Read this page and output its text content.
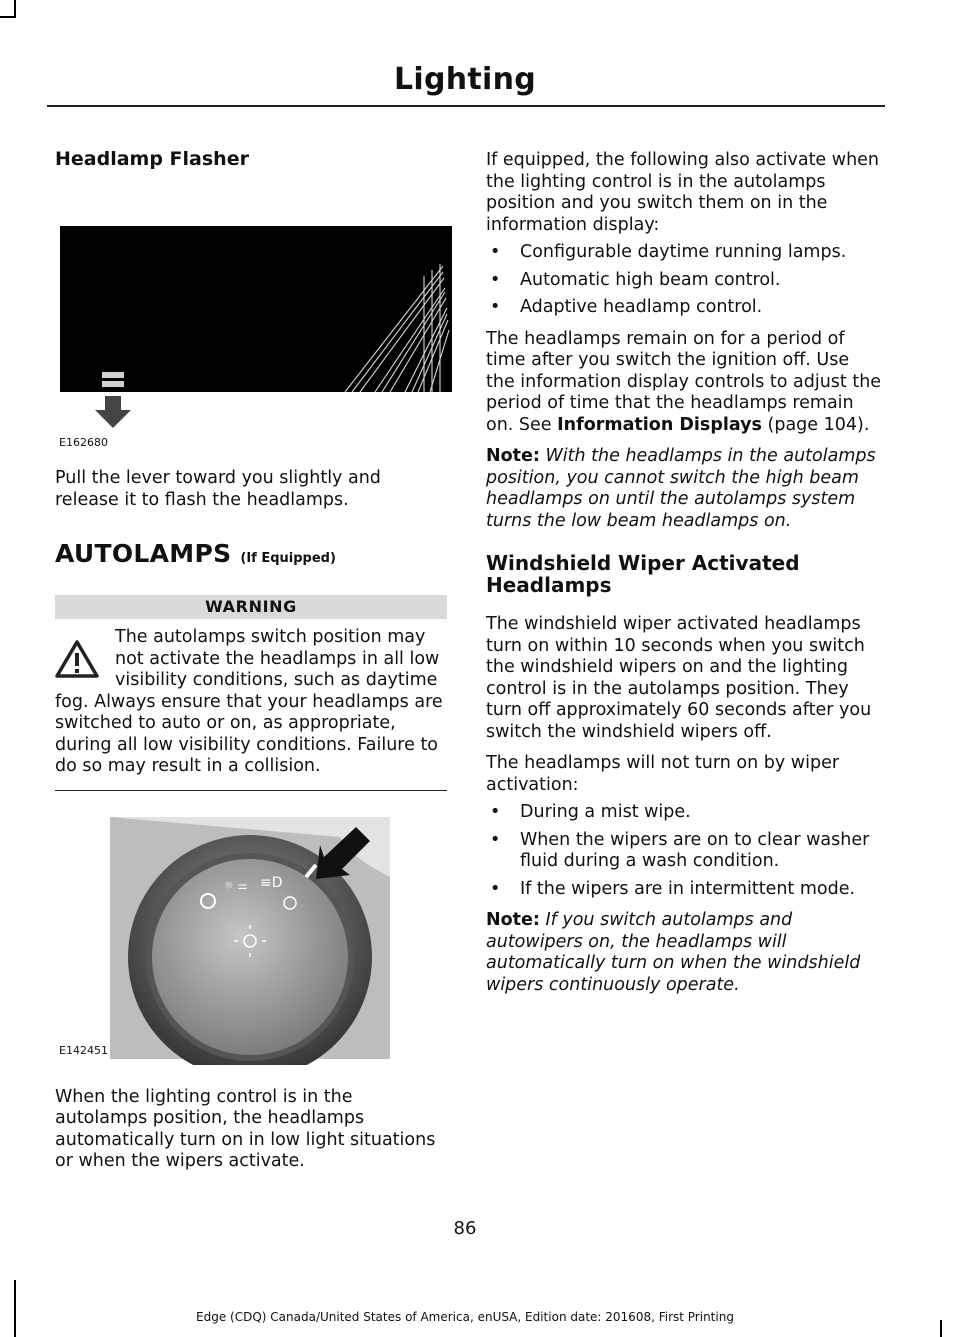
Lighting
Headlamp Flasher
E162680

Pull the lever toward you slightly and release it to flash the headlamps.

AUTOLAMPS (If Equipped)
WARNING

The autolamps switch position may not activate the headlamps in all low visibility conditions, such as daytime

fog. Always ensure that your headlamps are switched to auto or on, as appropriate, during all low visibility conditions. Failure to do so may result in a collision.

☼ ⚌ ≡D
E142451

When the lighting control is in the autolamps position, the headlamps automatically turn on in low light situations or when the wipers activate.

If equipped, the following also activate when the lighting control is in the autolamps position and you switch them on in the information display:

• Configurable daytime running lamps.
• Automatic high beam control.
• Adaptive headlamp control.

The headlamps remain on for a period of time after you switch the ignition off. Use the information display controls to adjust the period of time that the headlamps remain on. See Information Displays (page 104).

Note: With the headlamps in the autolamps position, you cannot switch the high beam headlamps on until the autolamps system turns the low beam headlamps on.

Windshield Wiper Activated Headlamps

The windshield wiper activated headlamps turn on within 10 seconds when you switch the windshield wipers on and the lighting control is in the autolamps position. They turn off approximately 60 seconds after you switch the windshield wipers off.

The headlamps will not turn on by wiper activation:

• During a mist wipe.
• When the wipers are on to clear washer fluid during a wash condition.
• If the wipers are in intermittent mode.

Note: If you switch autolamps and autowipers on, the headlamps will automatically turn on when the windshield wipers continuously operate.

86
Edge (CDQ) Canada/United States of America, enUSA, Edition date: 201608, First Printing
